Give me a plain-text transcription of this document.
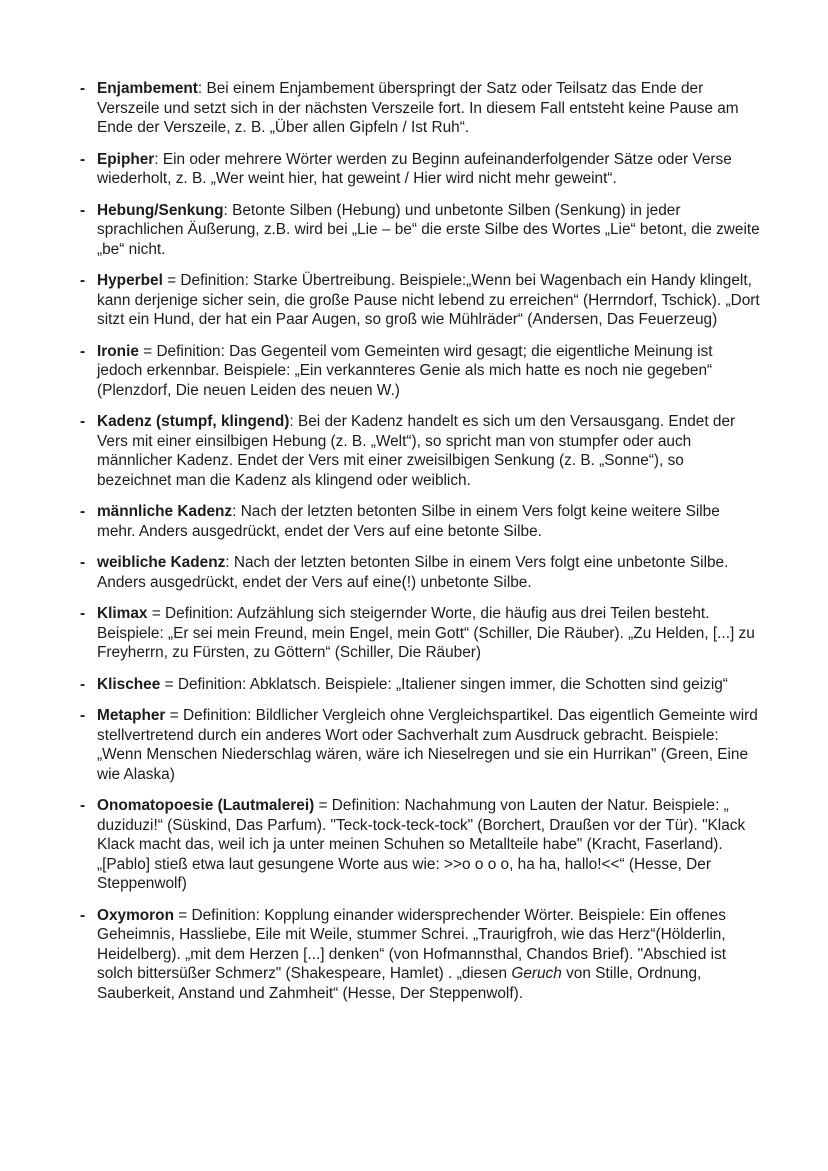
- Enjambement: Bei einem Enjambement überspringt der Satz oder Teilsatz das Ende der Verszeile und setzt sich in der nächsten Verszeile fort. In diesem Fall entsteht keine Pause am Ende der Verszeile, z. B. „Über allen Gipfeln / Ist Ruh“.
- Epipher: Ein oder mehrere Wörter werden zu Beginn aufeinanderfolgender Sätze oder Verse wiederholt, z. B. „Wer weint hier, hat geweint / Hier wird nicht mehr geweint“.
- Hebung/Senkung: Betonte Silben (Hebung) und unbetonte Silben (Senkung) in jeder sprachlichen Äußerung, z.B. wird bei „Lie – be“ die erste Silbe des Wortes „Lie“ betont, die zweite „be“ nicht.
- Hyperbel = Definition: Starke Übertreibung. Beispiele:„Wenn bei Wagenbach ein Handy klingelt, kann derjenige sicher sein, die große Pause nicht lebend zu erreichen“ (Herrndorf, Tschick). „Dort sitzt ein Hund, der hat ein Paar Augen, so groß wie Mühlräder“ (Andersen, Das Feuerzeug)
- Ironie = Definition: Das Gegenteil vom Gemeinten wird gesagt; die eigentliche Meinung ist jedoch erkennbar. Beispiele: „Ein verkannteres Genie als mich hatte es noch nie gegeben“ (Plenzdorf, Die neuen Leiden des neuen W.)
- Kadenz (stumpf, klingend): Bei der Kadenz handelt es sich um den Versausgang. Endet der Vers mit einer einsilbigen Hebung (z. B. „Welt“), so spricht man von stumpfer oder auch männlicher Kadenz. Endet der Vers mit einer zweisilbigen Senkung (z. B. „Sonne“), so bezeichnet man die Kadenz als klingend oder weiblich.
- männliche Kadenz: Nach der letzten betonten Silbe in einem Vers folgt keine weitere Silbe mehr. Anders ausgedrückt, endet der Vers auf eine betonte Silbe.
- weibliche Kadenz: Nach der letzten betonten Silbe in einem Vers folgt eine unbetonte Silbe. Anders ausgedrückt, endet der Vers auf eine(!) unbetonte Silbe.
- Klimax = Definition: Aufzählung sich steigernder Worte, die häufig aus drei Teilen besteht. Beispiele: „Er sei mein Freund, mein Engel, mein Gott“ (Schiller, Die Räuber). „Zu Helden, [...] zu Freyherrn, zu Fürsten, zu Göttern“ (Schiller, Die Räuber)
- Klischee = Definition: Abklatsch. Beispiele: „Italiener singen immer, die Schotten sind geizig“
- Metapher = Definition: Bildlicher Vergleich ohne Vergleichspartikel. Das eigentlich Gemeinte wird stellvertretend durch ein anderes Wort oder Sachverhalt zum Ausdruck gebracht. Beispiele: „Wenn Menschen Niederschlag wären, wäre ich Nieselregen und sie ein Hurrikan" (Green, Eine wie Alaska)
- Onomatopoesie (Lautmalerei) = Definition: Nachahmung von Lauten der Natur. Beispiele: „ duziduzi!“ (Süskind, Das Parfum). "Teck-tock-teck-tock" (Borchert, Draußen vor der Tür). "Klack Klack macht das, weil ich ja unter meinen Schuhen so Metallteile habe" (Kracht, Faserland). „[Pablo] stieß etwa laut gesungene Worte aus wie: >>o o o o, ha ha, hallo!<<“ (Hesse, Der Steppenwolf)
- Oxymoron = Definition: Kopplung einander widersprechender Wörter. Beispiele: Ein offenes Geheimnis, Hassliebe, Eile mit Weile, stummer Schrei. „Traurigfroh, wie das Herz“(Hölderlin, Heidelberg). „mit dem Herzen [...] denken“ (von Hofmannsthal, Chandos Brief). "Abschied ist solch bittersüßer Schmerz" (Shakespeare, Hamlet) . „diesen Geruch von Stille, Ordnung, Sauberkeit, Anstand und Zahmheit“ (Hesse, Der Steppenwolf).
